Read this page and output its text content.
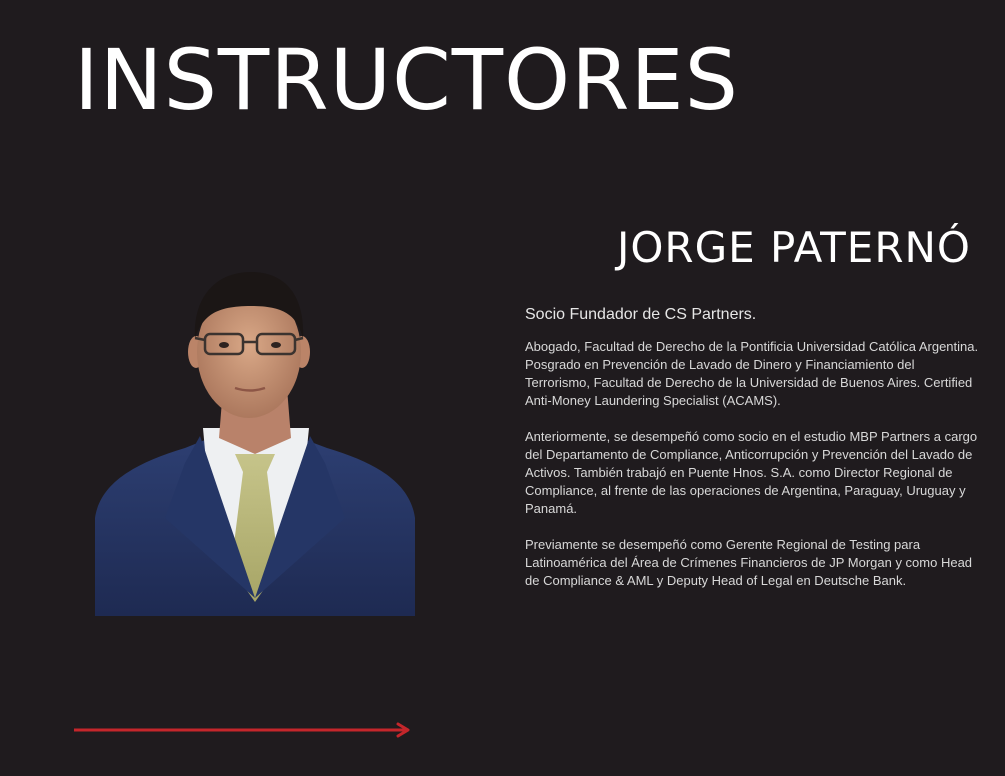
INSTRUCTORES
JORGE PATERNÓ

Socio Fundador de CS Partners.

Abogado, Facultad de Derecho de la Pontificia Universidad Católica Argentina. Posgrado en Prevención de Lavado de Dinero y Financiamiento del Terrorismo, Facultad de Derecho de la Universidad de Buenos Aires. Certified Anti-Money Laundering Specialist (ACAMS).

Anteriormente, se desempeñó como socio en el estudio MBP Partners a cargo del Departamento de Compliance, Anticorrupción y Prevención del Lavado de Activos. También trabajó en Puente Hnos. S.A. como Director Regional de Compliance, al frente de las operaciones de Argentina, Paraguay, Uruguay y Panamá.

Previamente se desempeñó como Gerente Regional de Testing para Latinoamérica del Área de Crímenes Financieros de JP Morgan y como Head de Compliance & AML y Deputy Head of Legal en Deutsche Bank.
